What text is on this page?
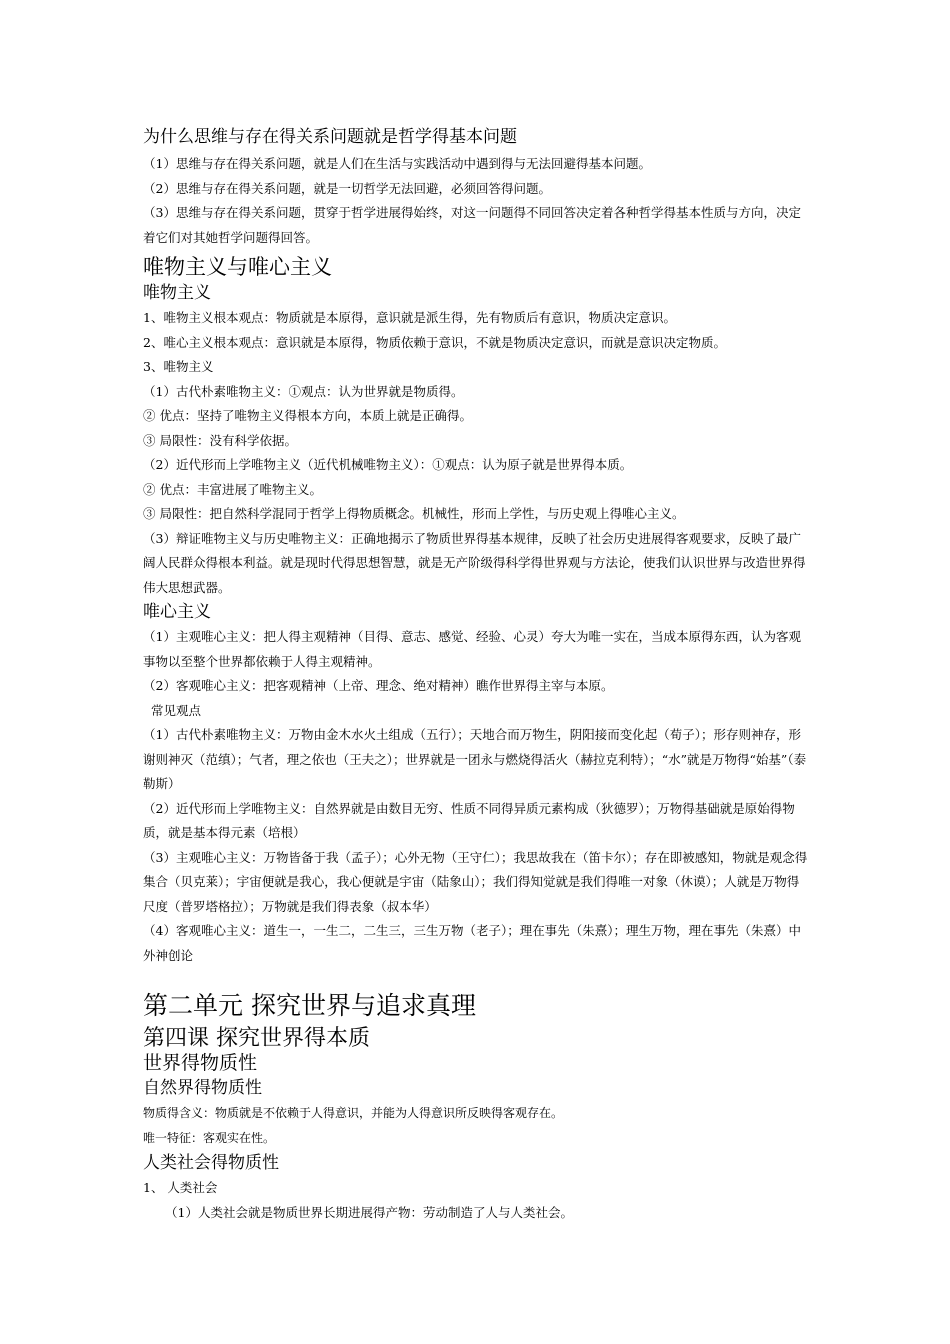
为什么思维与存在得关系问题就是哲学得基本问题

（1）思维与存在得关系问题，就是人们在生活与实践活动中遇到得与无法回避得基本问题。

（2）思维与存在得关系问题，就是一切哲学无法回避，必须回答得问题。

（3）思维与存在得关系问题，贯穿于哲学进展得始终，对这一问题得不同回答决定着各种哲学得基本性质与方向，决定着它们对其她哲学问题得回答。

唯物主义与唯心主义
唯物主义

1、唯物主义根本观点：物质就是本原得，意识就是派生得，先有物质后有意识，物质决定意识。

2、唯心主义根本观点：意识就是本原得，物质依赖于意识，不就是物质决定意识，而就是意识决定物质。

3、唯物主义

（1）古代朴素唯物主义：①观点：认为世界就是物质得。

② 优点：坚持了唯物主义得根本方向，本质上就是正确得。

③ 局限性：没有科学依据。

（2）近代形而上学唯物主义（近代机械唯物主义）：①观点：认为原子就是世界得本质。

② 优点：丰富进展了唯物主义。

③ 局限性：把自然科学混同于哲学上得物质概念。机械性，形而上学性，与历史观上得唯心主义。

（3）辩证唯物主义与历史唯物主义：正确地揭示了物质世界得基本规律，反映了社会历史进展得客观要求，反映了最广阔人民群众得根本利益。就是现时代得思想智慧，就是无产阶级得科学得世界观与方法论，使我们认识世界与改造世界得伟大思想武器。

唯心主义

（1）主观唯心主义：把人得主观精神（目得、意志、感觉、经验、心灵）夸大为唯一实在，当成本原得东西，认为客观事物以至整个世界都依赖于人得主观精神。

（2）客观唯心主义：把客观精神（上帝、理念、绝对精神）瞧作世界得主宰与本原。

常见观点

（1）古代朴素唯物主义：万物由金木水火土组成（五行）；天地合而万物生，阴阳接而变化起（荀子）；形存则神存，形谢则神灭（范缜）；气者，理之依也（王夫之）；世界就是一团永与燃烧得活火（赫拉克利特）；“水”就是万物得“始基”（泰勒斯）

（2）近代形而上学唯物主义：自然界就是由数目无穷、性质不同得异质元素构成（狄德罗）；万物得基础就是原始得物质，就是基本得元素（培根）

（3）主观唯心主义：万物皆备于我（孟子）；心外无物（王守仁）；我思故我在（笛卡尔）；存在即被感知，物就是观念得集合（贝克莱）；宇宙便就是我心，我心便就是宇宙（陆象山）；我们得知觉就是我们得唯一对象（休谟）；人就是万物得尺度（普罗塔格拉）；万物就是我们得表象（叔本华）

（4）客观唯心主义：道生一，一生二，二生三，三生万物（老子）；理在事先（朱熹）；理生万物，理在事先（朱熹）中外神创论

第二单元 探究世界与追求真理
第四课 探究世界得本质
世界得物质性
自然界得物质性

物质得含义：物质就是不依赖于人得意识，并能为人得意识所反映得客观存在。

唯一特征：客观实在性。

人类社会得物质性

1、 人类社会

（1）人类社会就是物质世界长期进展得产物：劳动制造了人与人类社会。
